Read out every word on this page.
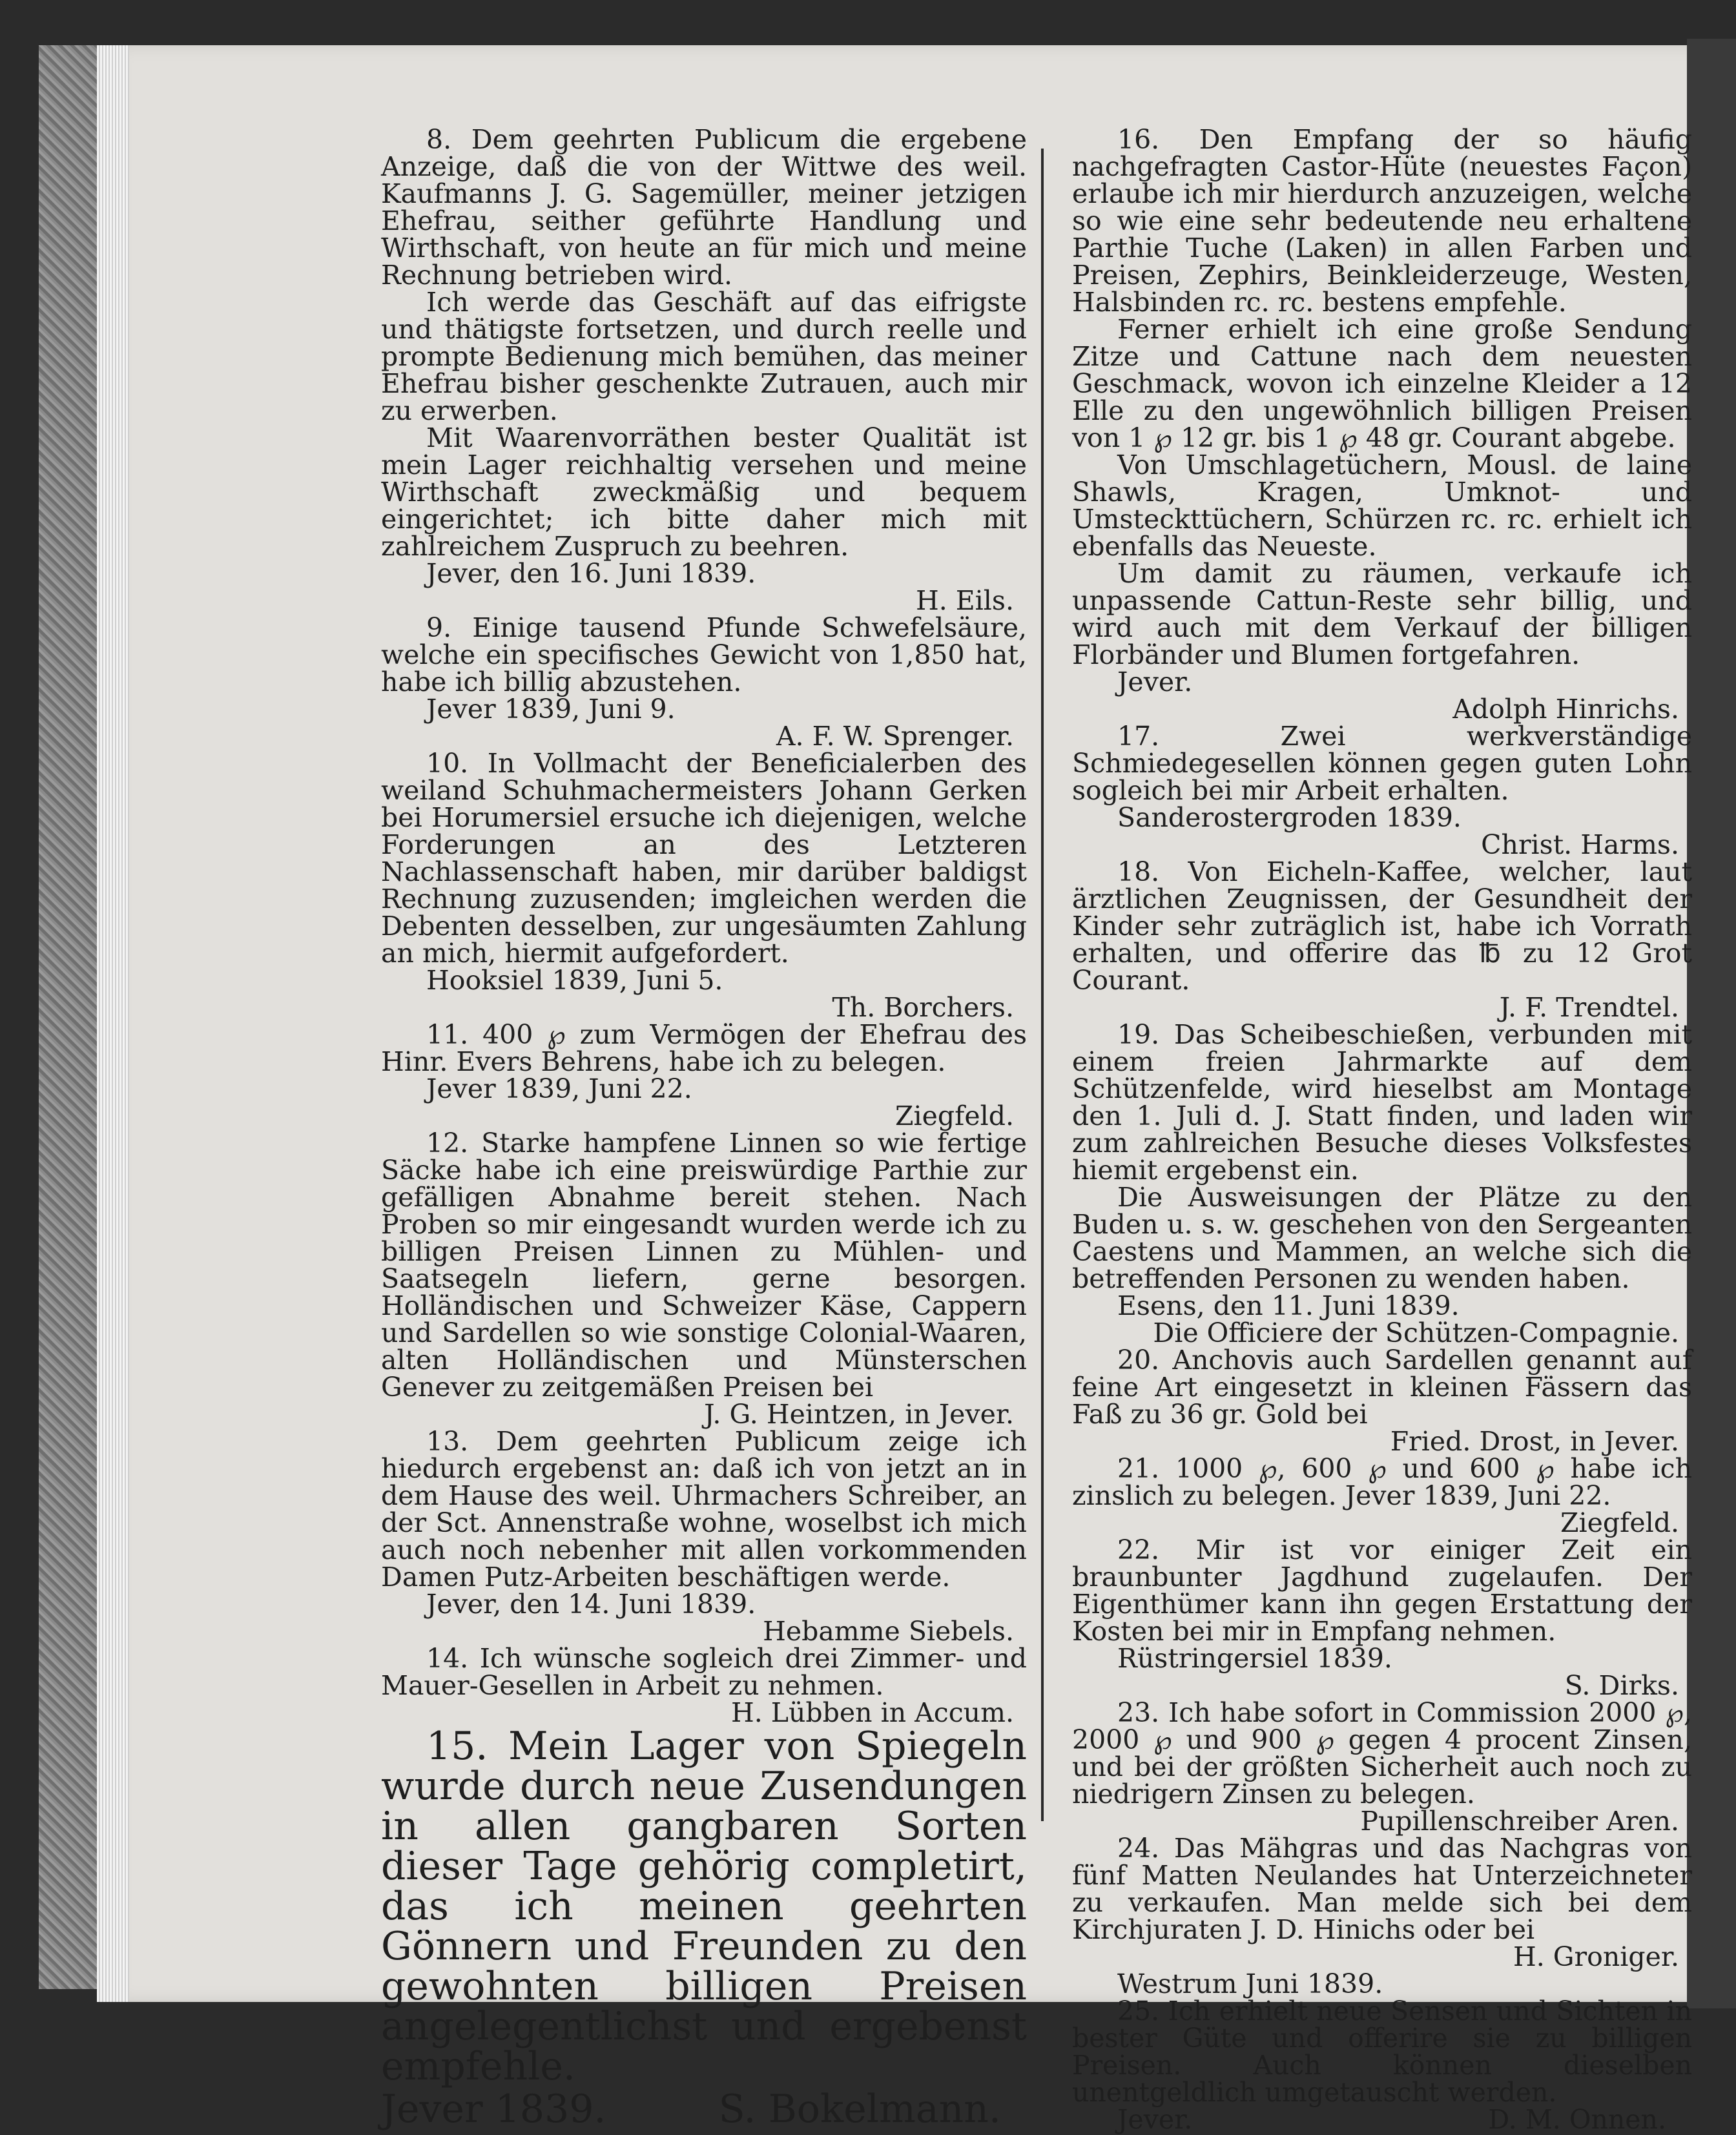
8. Dem geehrten Publicum die ergebene Anzeige, daß die von der Wittwe des weil. Kaufmanns J. G. Sagemüller, meiner jetzigen Ehefrau, seither geführte Handlung und Wirthschaft, von heute an für mich und meine Rechnung betrieben wird.

Ich werde das Geschäft auf das eifrigste und thätigste fortsetzen, und durch reelle und prompte Bedienung mich bemühen, das meiner Ehefrau bisher geschenkte Zutrauen, auch mir zu erwerben.

Mit Waarenvorräthen bester Qualität ist mein Lager reichhaltig versehen und meine Wirthschaft zweckmäßig und bequem eingerichtet; ich bitte daher mich mit zahlreichem Zuspruch zu beehren.

Jever, den 16. Juni 1839.

H. Eils.

9. Einige tausend Pfunde Schwefelsäure, welche ein specifisches Gewicht von 1,850 hat, habe ich billig abzustehen.

Jever 1839, Juni 9.

A. F. W. Sprenger.

10. In Vollmacht der Beneficialerben des weiland Schuhmachermeisters Johann Gerken bei Horumersiel ersuche ich diejenigen, welche Forderungen an des Letzteren Nachlassenschaft haben, mir darüber baldigst Rechnung zuzusenden; imgleichen werden die Debenten desselben, zur ungesäumten Zahlung an mich, hiermit aufgefordert.

Hooksiel 1839, Juni 5.

Th. Borchers.

11. 400 ℘ zum Vermögen der Ehefrau des Hinr. Evers Behrens, habe ich zu belegen.

Jever 1839, Juni 22.

Ziegfeld.

12. Starke hampfene Linnen so wie fertige Säcke habe ich eine preiswürdige Parthie zur gefälligen Abnahme bereit stehen. Nach Proben so mir eingesandt wurden werde ich zu billigen Preisen Linnen zu Mühlen- und Saatsegeln liefern, gerne besorgen. Holländischen und Schweizer Käse, Cappern und Sardellen so wie sonstige Colonial-Waaren, alten Holländischen und Münsterschen Genever zu zeitgemäßen Preisen bei

J. G. Heintzen, in Jever.

13. Dem geehrten Publicum zeige ich hiedurch ergebenst an: daß ich von jetzt an in dem Hause des weil. Uhrmachers Schreiber, an der Sct. Annenstraße wohne, woselbst ich mich auch noch nebenher mit allen vorkommenden Damen Putz-Arbeiten beschäftigen werde.

Jever, den 14. Juni 1839.

Hebamme Siebels.

14. Ich wünsche sogleich drei Zimmer- und Mauer-Gesellen in Arbeit zu nehmen.

H. Lübben in Accum.

15. Mein Lager von Spiegeln wurde durch neue Zusendungen in allen gangbaren Sorten dieser Tage gehörig completirt, das ich meinen geehrten Gönnern und Freunden zu den gewohnten billigen Preisen angelegentlichst und ergebenst empfehle.

Jever 1839.	S. Bokelmann.

16. Den Empfang der so häufig nachgefragten Castor-Hüte (neuestes Façon) erlaube ich mir hierdurch anzuzeigen, welche so wie eine sehr bedeutende neu erhaltene Parthie Tuche (Laken) in allen Farben und Preisen, Zephirs, Beinkleiderzeuge, Westen, Halsbinden rc. rc. bestens empfehle.

Ferner erhielt ich eine große Sendung Zitze und Cattune nach dem neuesten Geschmack, wovon ich einzelne Kleider a 12 Elle zu den ungewöhnlich billigen Preisen von 1 ℘ 12 gr. bis 1 ℘ 48 gr. Courant abgebe.

Von Umschlagetüchern, Mousl. de laine Shawls, Kragen, Umknot- und Umsteckttüchern, Schürzen rc. rc. erhielt ich ebenfalls das Neueste.

Um damit zu räumen, verkaufe ich unpassende Cattun-Reste sehr billig, und wird auch mit dem Verkauf der billigen Florbänder und Blumen fortgefahren.

Jever.

Adolph Hinrichs.

17. Zwei werkverständige Schmiedegesellen können gegen guten Lohn sogleich bei mir Arbeit erhalten.

Sanderostergroden 1839.

Christ. Harms.

18. Von Eicheln-Kaffee, welcher, laut ärztlichen Zeugnissen, der Gesundheit der Kinder sehr zuträglich ist, habe ich Vorrath erhalten, und offerire das ℔ zu 12 Grot Courant.

J. F. Trendtel.

19. Das Scheibeschießen, verbunden mit einem freien Jahrmarkte auf dem Schützenfelde, wird hieselbst am Montage den 1. Juli d. J. Statt finden, und laden wir zum zahlreichen Besuche dieses Volksfestes hiemit ergebenst ein.

Die Ausweisungen der Plätze zu den Buden u. s. w. geschehen von den Sergeanten Caestens und Mammen, an welche sich die betreffenden Personen zu wenden haben.

Esens, den 11. Juni 1839.

Die Officiere der Schützen-Compagnie.

20. Anchovis auch Sardellen genannt auf feine Art eingesetzt in kleinen Fässern das Faß zu 36 gr. Gold bei

Fried. Drost, in Jever.

21. 1000 ℘, 600 ℘ und 600 ℘ habe ich zinslich zu belegen. Jever 1839, Juni 22.

Ziegfeld.

22. Mir ist vor einiger Zeit ein braunbunter Jagdhund zugelaufen. Der Eigenthümer kann ihn gegen Erstattung der Kosten bei mir in Empfang nehmen.

Rüstringersiel 1839.

S. Dirks.

23. Ich habe sofort in Commission 2000 ℘, 2000 ℘ und 900 ℘ gegen 4 procent Zinsen, und bei der größten Sicherheit auch noch zu niedrigern Zinsen zu belegen.

Pupillenschreiber Aren.

24. Das Mähgras und das Nachgras von fünf Matten Neulandes hat Unterzeichneter zu verkaufen. Man melde sich bei dem Kirchjuraten J. D. Hinichs oder bei

H. Groniger.

Westrum Juni 1839.

25. Ich erhielt neue Sensen und Sichten in bester Güte und offerire sie zu billigen Preisen. Auch können dieselben unentgeldlich umgetauscht werden.

Jever.	D. M. Onnen.
